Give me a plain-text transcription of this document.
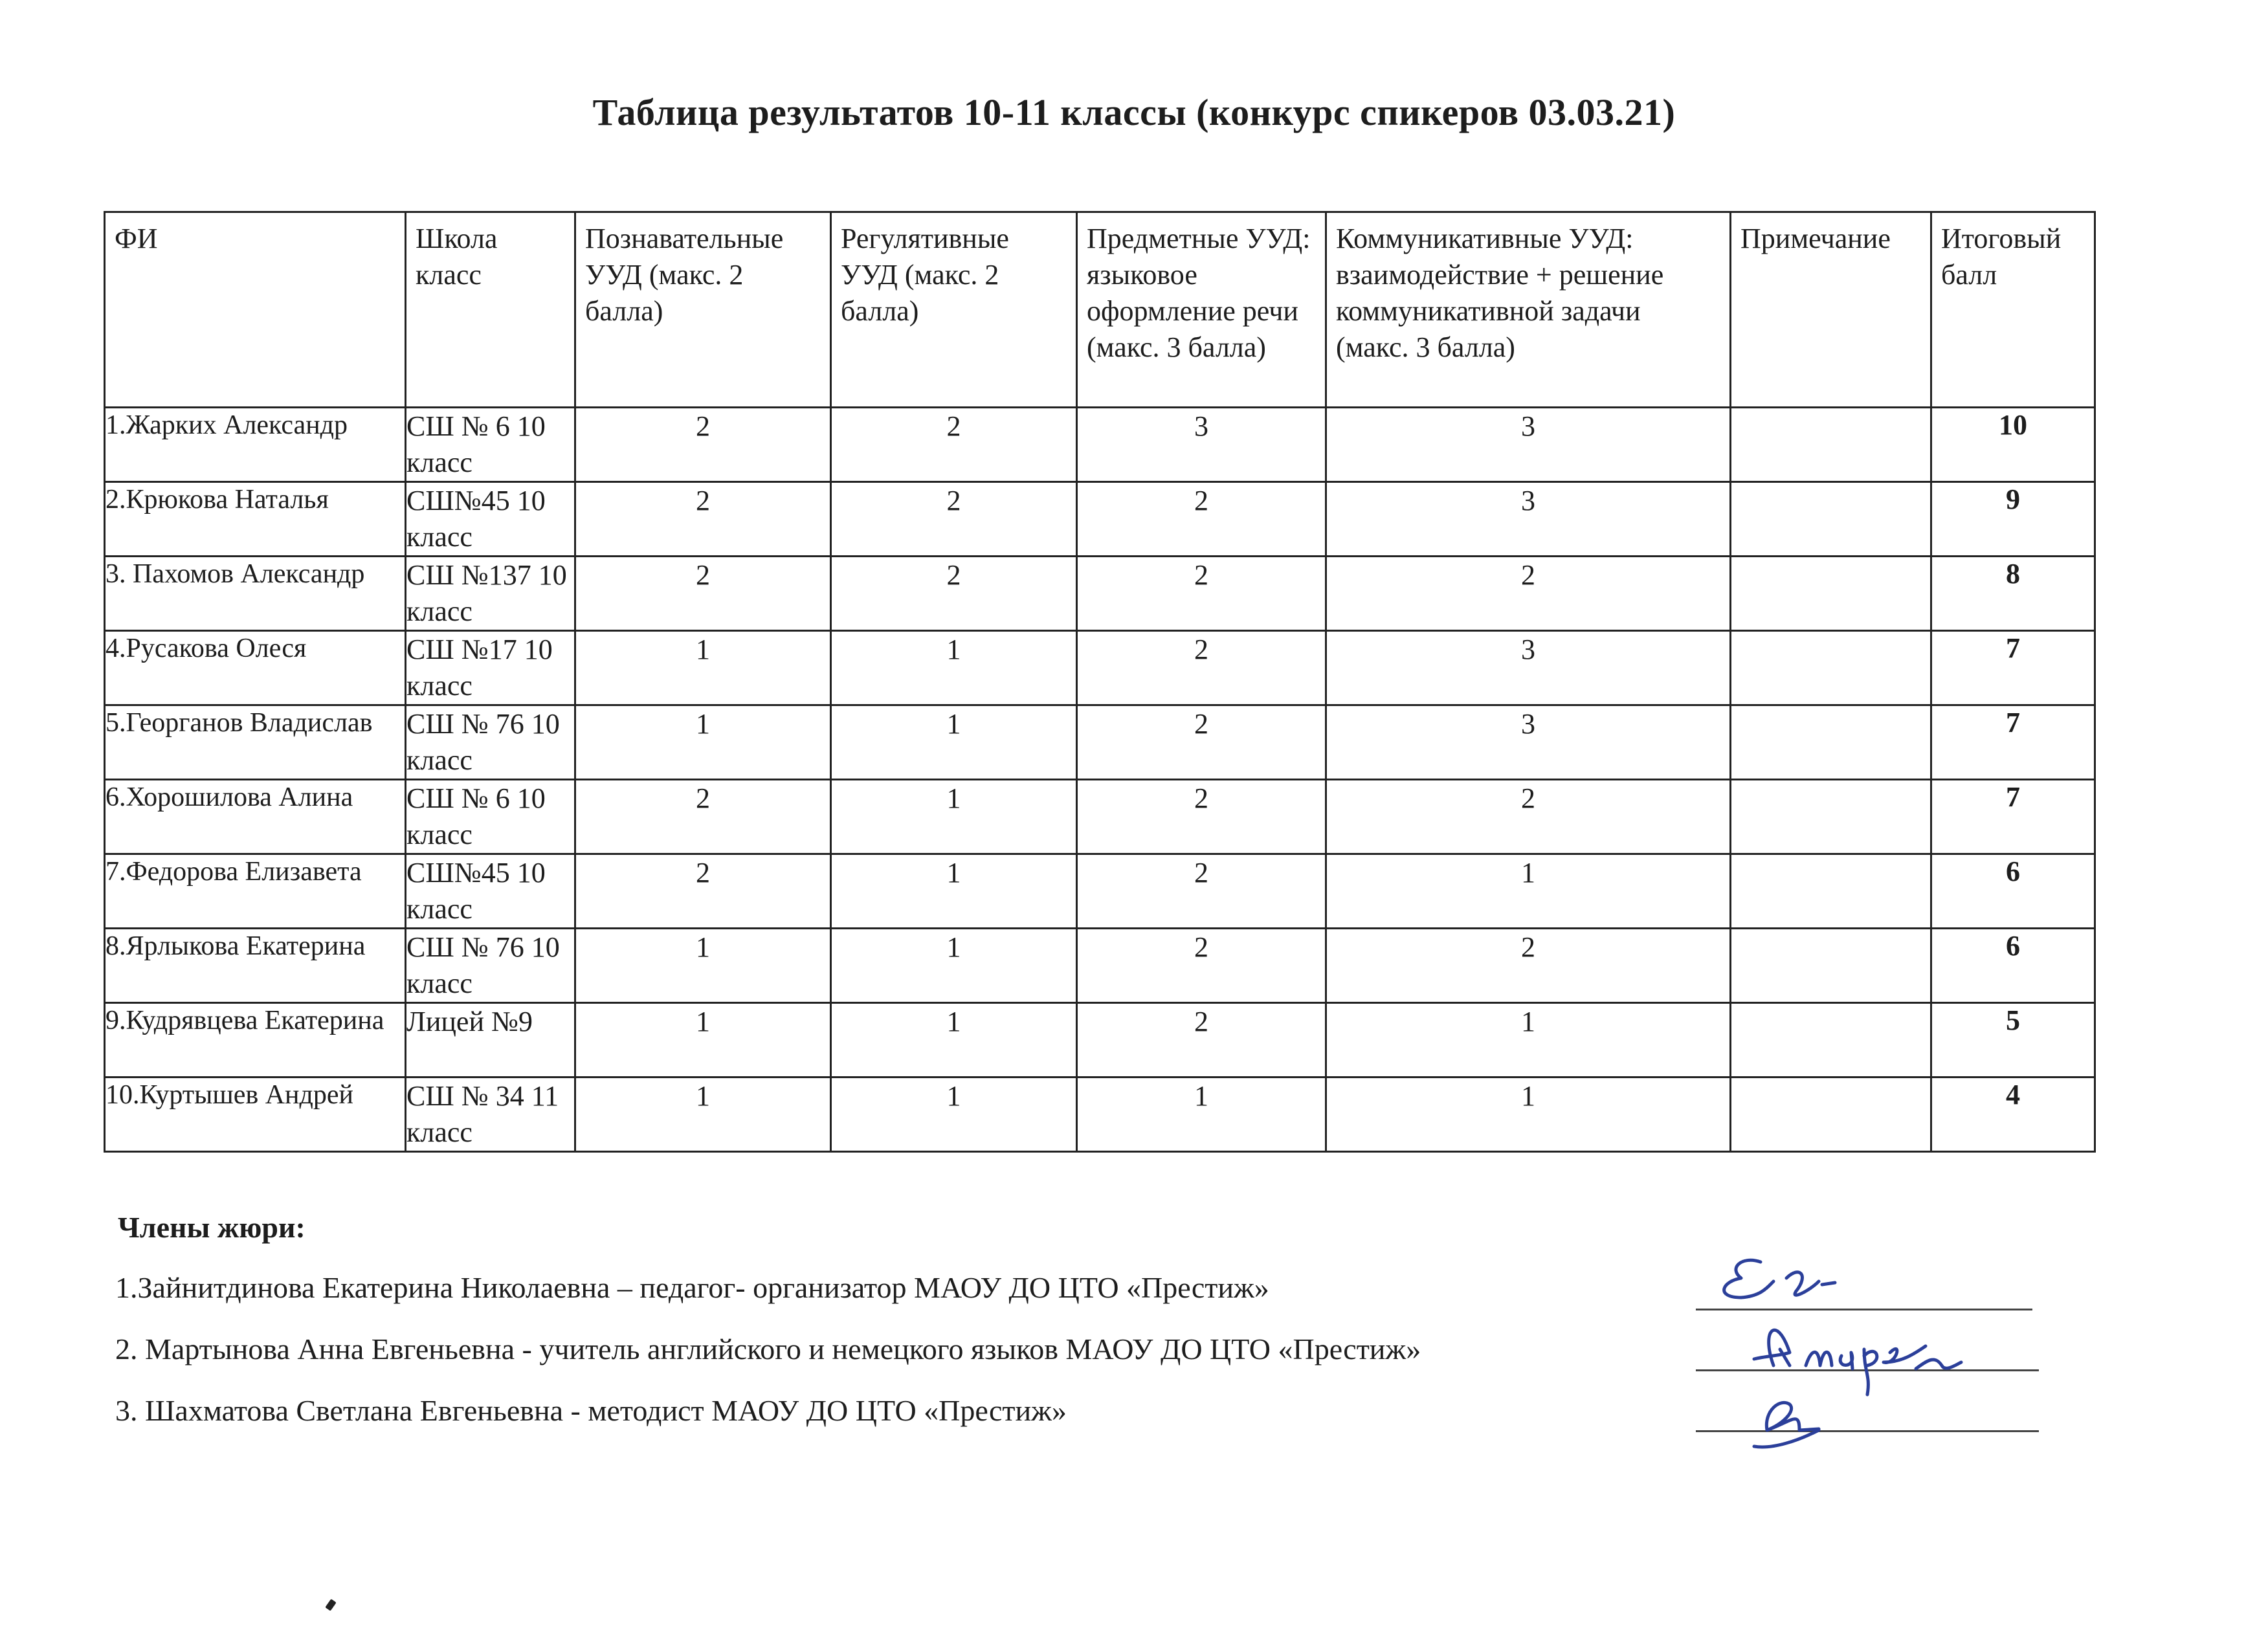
Таблица результатов 10-11 классы (конкурс спикеров 03.03.21)
ФИ	Школа класс	Познавательные УУД (макс. 2 балла)	Регулятивные УУД (макс. 2 балла)	Предметные УУД: языковое оформление речи (макс. 3 балла)	Коммуникативные УУД: взаимодействие + решение коммуникативной задачи (макс. 3 балла)	Примечание	Итоговый балл
1.Жарких Александр	СШ № 6 10 класс	2	2	3	3		10
2.Крюкова Наталья	СШ№45 10 класс	2	2	2	3		9
3. Пахомов Александр	СШ №137 10 класс	2	2	2	2		8
4.Русакова Олеся	СШ №17 10 класс	1	1	2	3		7
5.Георганов Владислав	СШ № 76 10 класс	1	1	2	3		7
6.Хорошилова Алина	СШ № 6 10 класс	2	1	2	2		7
7.Федорова Елизавета	СШ№45 10 класс	2	1	2	1		6
8.Ярлыкова Екатерина	СШ № 76 10 класс	1	1	2	2		6
9.Кудрявцева Екатерина	Лицей №9	1	1	2	1		5
10.Куртышев Андрей	СШ № 34 11 класс	1	1	1	1		4
Члены жюри:
1.Зайнитдинова Екатерина Николаевна – педагог- организатор МАОУ ДО ЦТО «Престиж»
2. Мартынова Анна Евгеньевна - учитель английского и немецкого языков МАОУ ДО ЦТО «Престиж»
3. Шахматова Светлана Евгеньевна - методист МАОУ ДО ЦТО «Престиж»
